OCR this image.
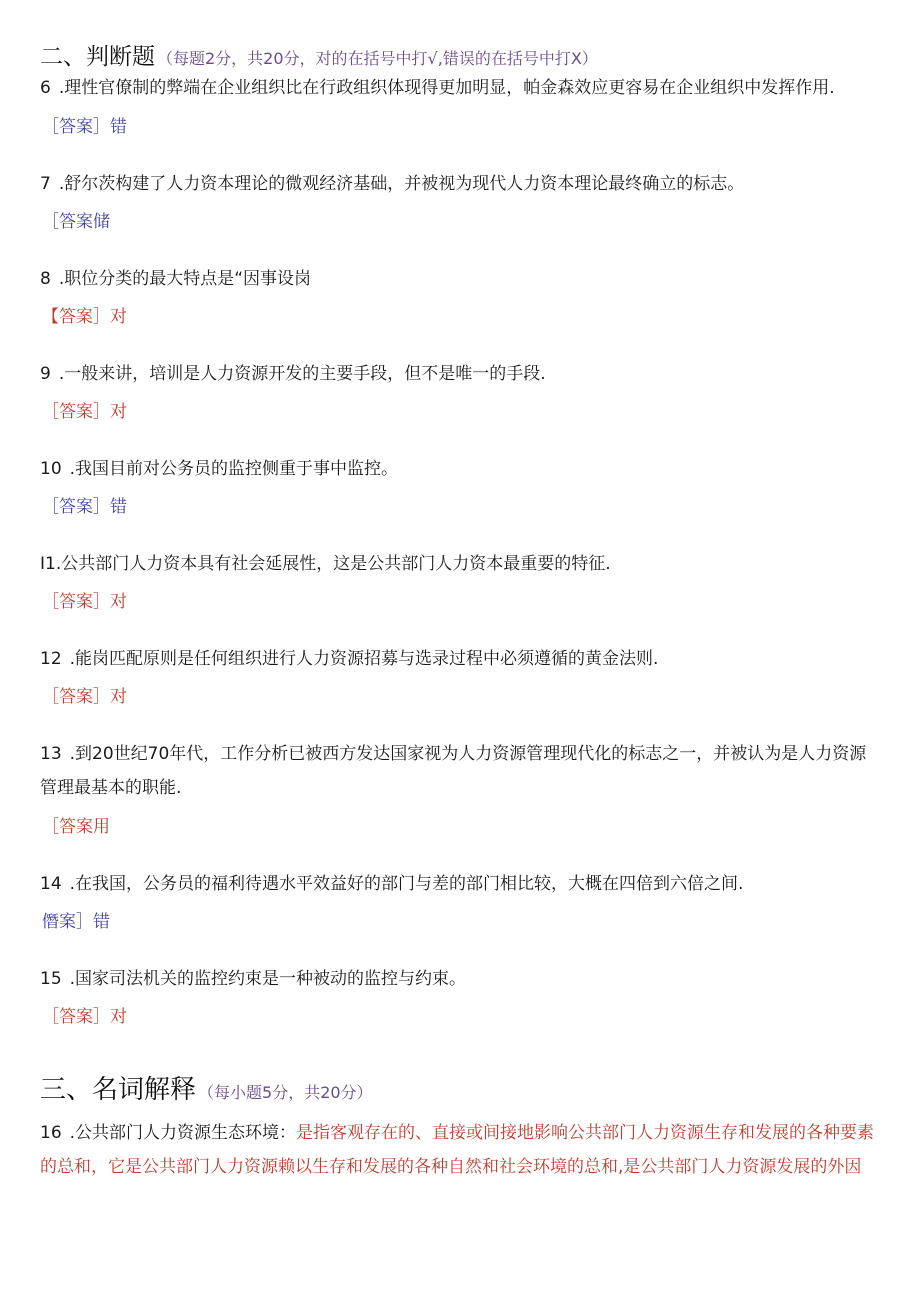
二、判断题 （每题2分，共20分，对的在括号中打√,错误的在括号中打X）
6 .理性官僚制的弊端在企业组织比在行政组织体现得更加明显，帕金森效应更容易在企业组织中发挥作用.
［答案］错
7 .舒尔茨构建了人力资本理论的微观经济基础，并被视为现代人力资本理论最终确立的标志。
［答案储
8 .职位分类的最大特点是“因事设岗
【答案］对
9 .一般来讲，培训是人力资源开发的主要手段，但不是唯一的手段.
［答案］对
10 .我国目前对公务员的监控侧重于事中监控。
［答案］错
I1.公共部门人力资本具有社会延展性，这是公共部门人力资本最重要的特征.
［答案］对
12 .能岗匹配原则是任何组织进行人力资源招募与选录过程中必须遵循的黄金法则.
［答案］对
13 .到20世纪70年代，工作分析已被西方发达国家视为人力资源管理现代化的标志之一，并被认为是人力资源管理最基本的职能.
［答案用
14 .在我国，公务员的福利待遇水平效益好的部门与差的部门相比较，大概在四倍到六倍之间.
僭案］错
15 .国家司法机关的监控约束是一种被动的监控与约束。
［答案］对
三、名词解释 （每小题5分，共20分）
16 .公共部门人力资源生态环境：是指客观存在的、直接或间接地影响公共部门人力资源生存和发展的各种要素的总和，它是公共部门人力资源赖以生存和发展的各种自然和社会环境的总和,是公共部门人力资源发展的外因
